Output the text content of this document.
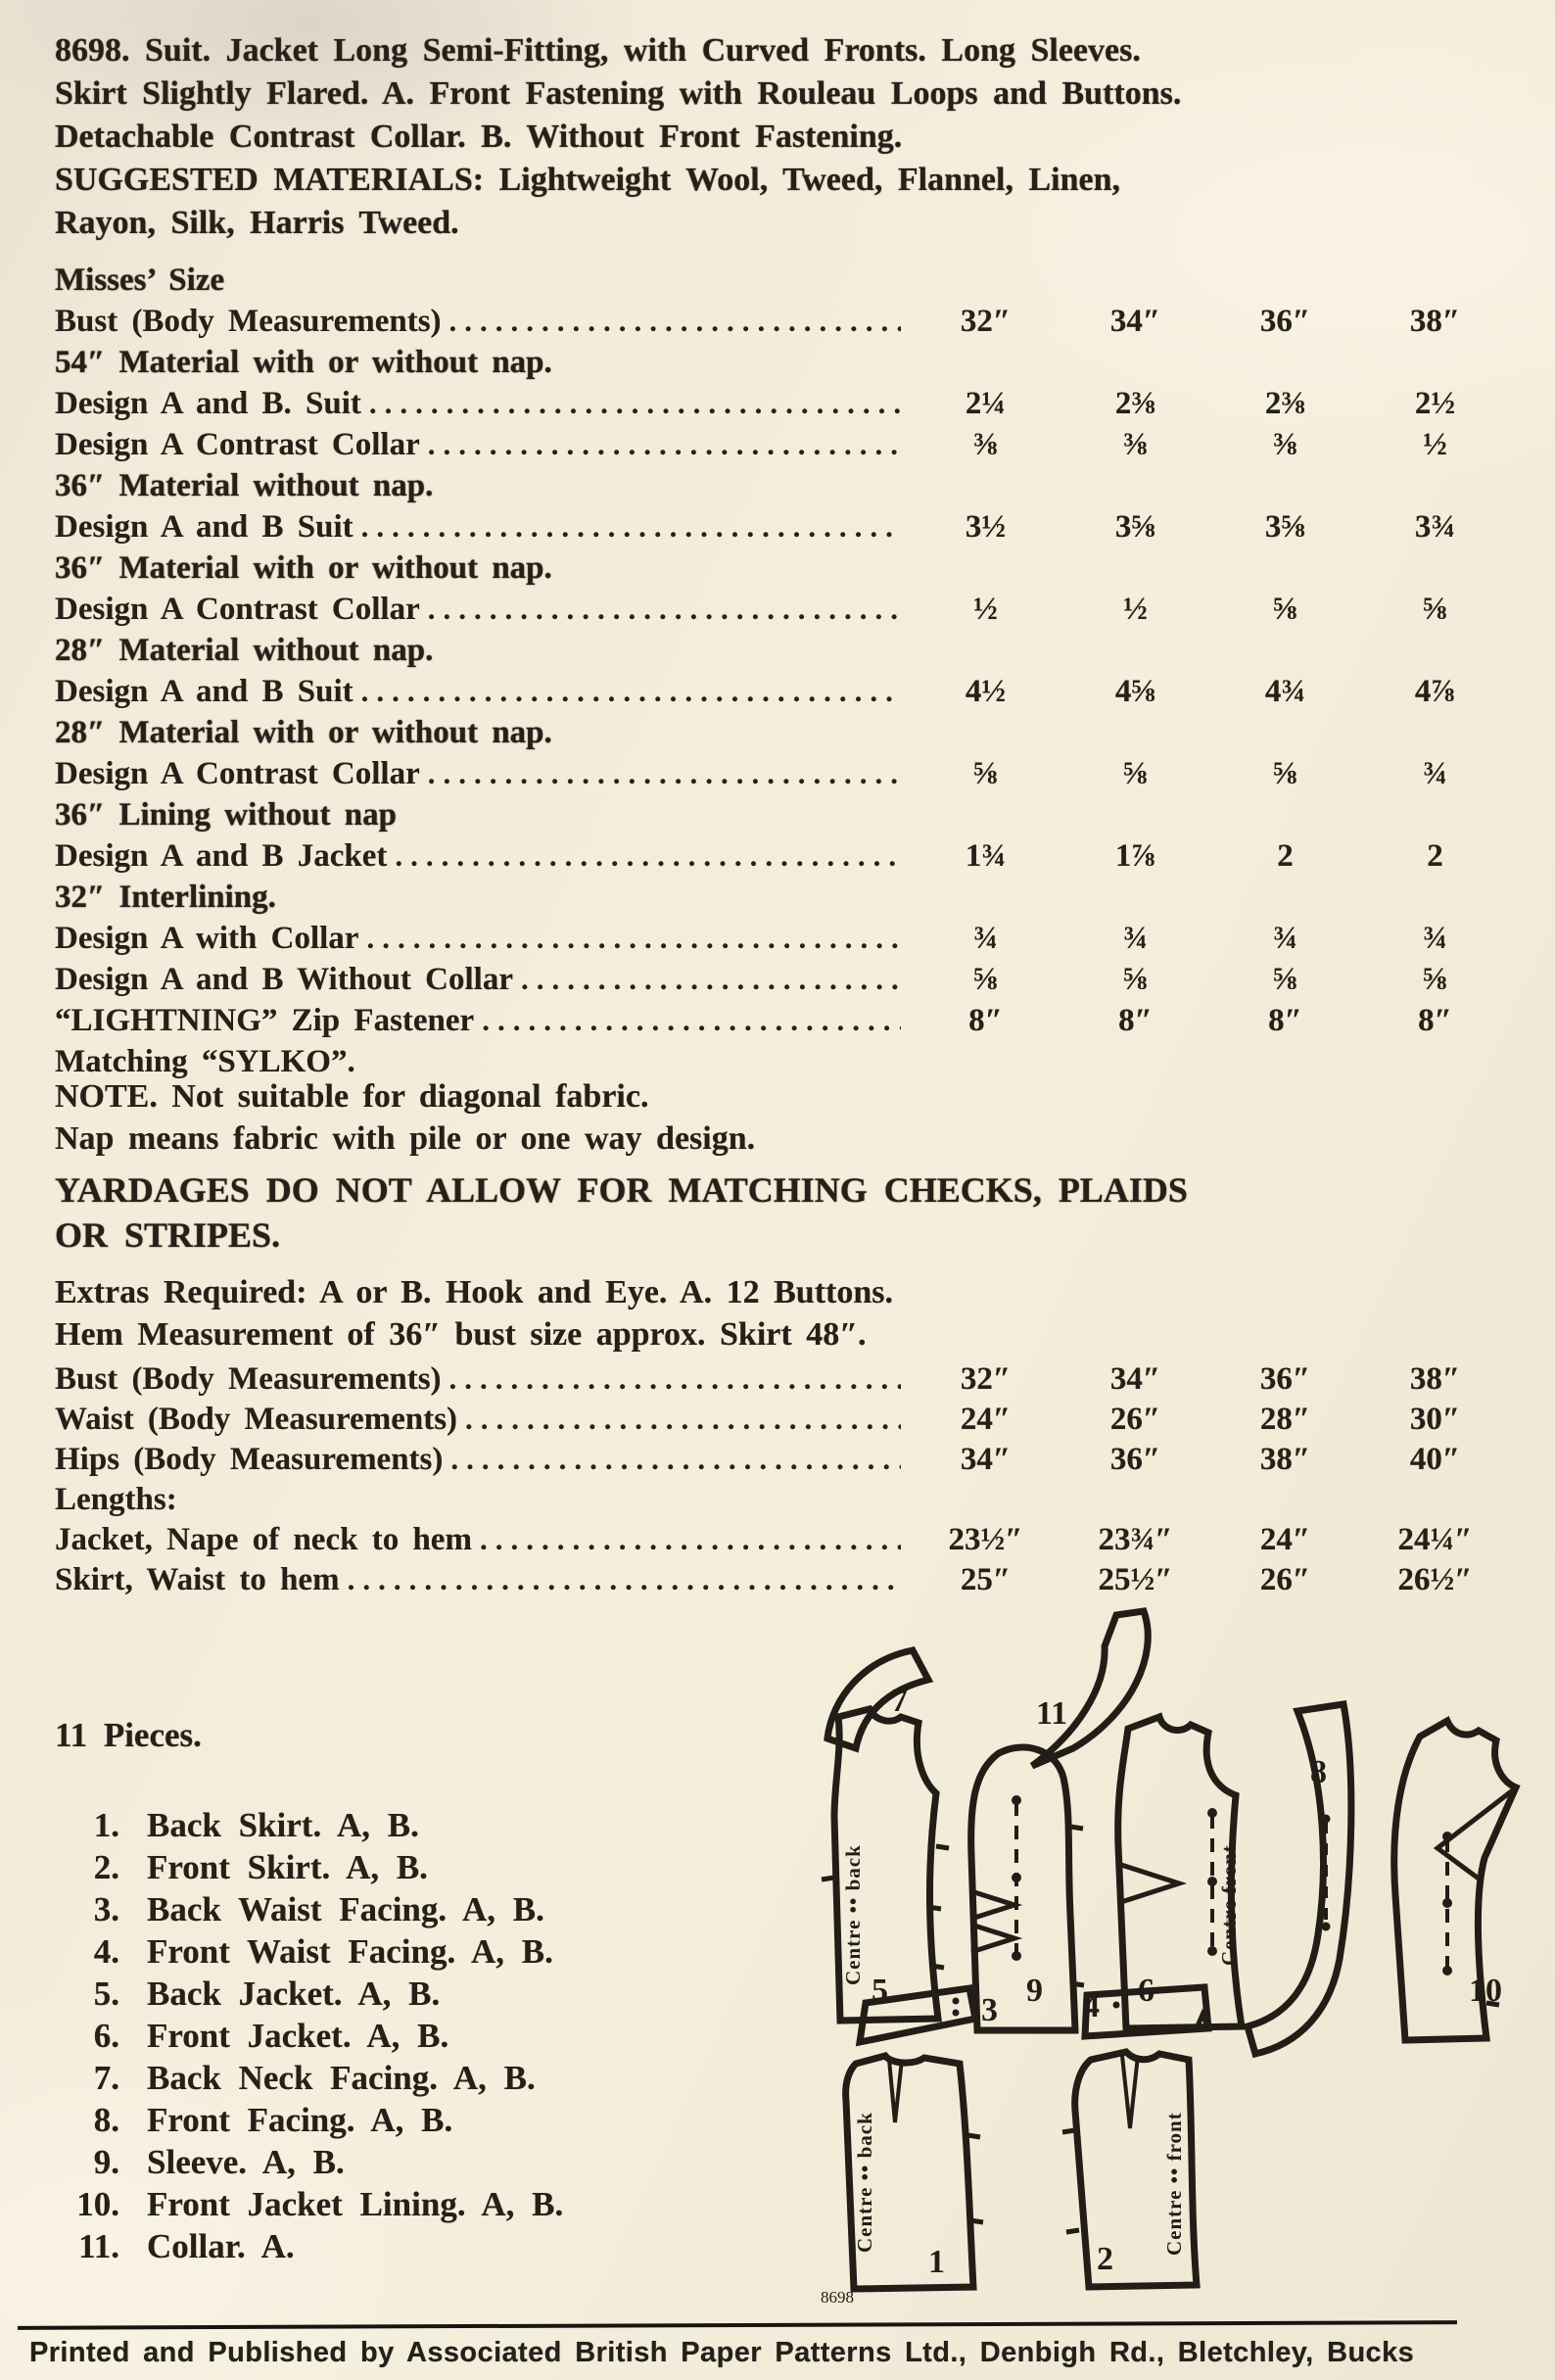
8698. Suit. Jacket Long Semi-Fitting, with Curved Fronts. Long Sleeves.
Skirt Slightly Flared. A. Front Fastening with Rouleau Loops and Buttons.
Detachable Contrast Collar. B. Without Front Fastening.
SUGGESTED MATERIALS: Lightweight Wool, Tweed, Flannel, Linen,
Rayon, Silk, Harris Tweed.
Misses’ Size
Bust (Body Measurements) .....	32″	34″	36″	38″
54″ Material with or without nap.
Design A and B. Suit .....	2¼	2⅜	2⅜	2½
Design A Contrast Collar .....	⅜	⅜	⅜	½
36″ Material without nap.
Design A and B Suit .....	3½	3⅝	3⅝	3¾
36″ Material with or without nap.
Design A Contrast Collar .....	½	½	⅝	⅝
28″ Material without nap.
Design A and B Suit .....	4½	4⅝	4¾	4⅞
28″ Material with or without nap.
Design A Contrast Collar .....	⅝	⅝	⅝	¾
36″ Lining without nap
Design A and B Jacket .....	1¾	1⅞	2	2
32″ Interlining.
Design A with Collar .....	¾	¾	¾	¾
Design A and B Without Collar .....	⅝	⅝	⅝	⅝
“LIGHTNING” Zip Fastener .....	8″	8″	8″	8″
Matching “SYLKO”.
NOTE. Not suitable for diagonal fabric.
Nap means fabric with pile or one way design.
YARDAGES DO NOT ALLOW FOR MATCHING CHECKS, PLAIDS
OR STRIPES.
Extras Required: A or B. Hook and Eye. A. 12 Buttons.
Hem Measurement of 36″ bust size approx. Skirt 48″.
Bust (Body Measurements) .....	32″	34″	36″	38″
Waist (Body Measurements) .....	24″	26″	28″	30″
Hips (Body Measurements) .....	34″	36″	38″	40″
Lengths:
Jacket, Nape of neck to hem .....	23½″	23¾″	24″	24¼″
Skirt, Waist to hem .....	25″	25½″	26″	26½″
11 Pieces.
1. Back Skirt. A, B.
2. Front Skirt. A, B.
3. Back Waist Facing. A, B.
4. Front Waist Facing. A, B.
5. Back Jacket. A, B.
6. Front Jacket. A, B.
7. Back Neck Facing. A, B.
8. Front Facing. A, B.
9. Sleeve. A, B.
10. Front Jacket Lining. A, B.
11. Collar. A.
7	11
Centre •• back
5	9
Centre front
6
8
10
3
Centre •• back
1
8698
4
Centre •• front
2
Printed and Published by Associated British Paper Patterns Ltd., Denbigh Rd., Bletchley, Bucks
